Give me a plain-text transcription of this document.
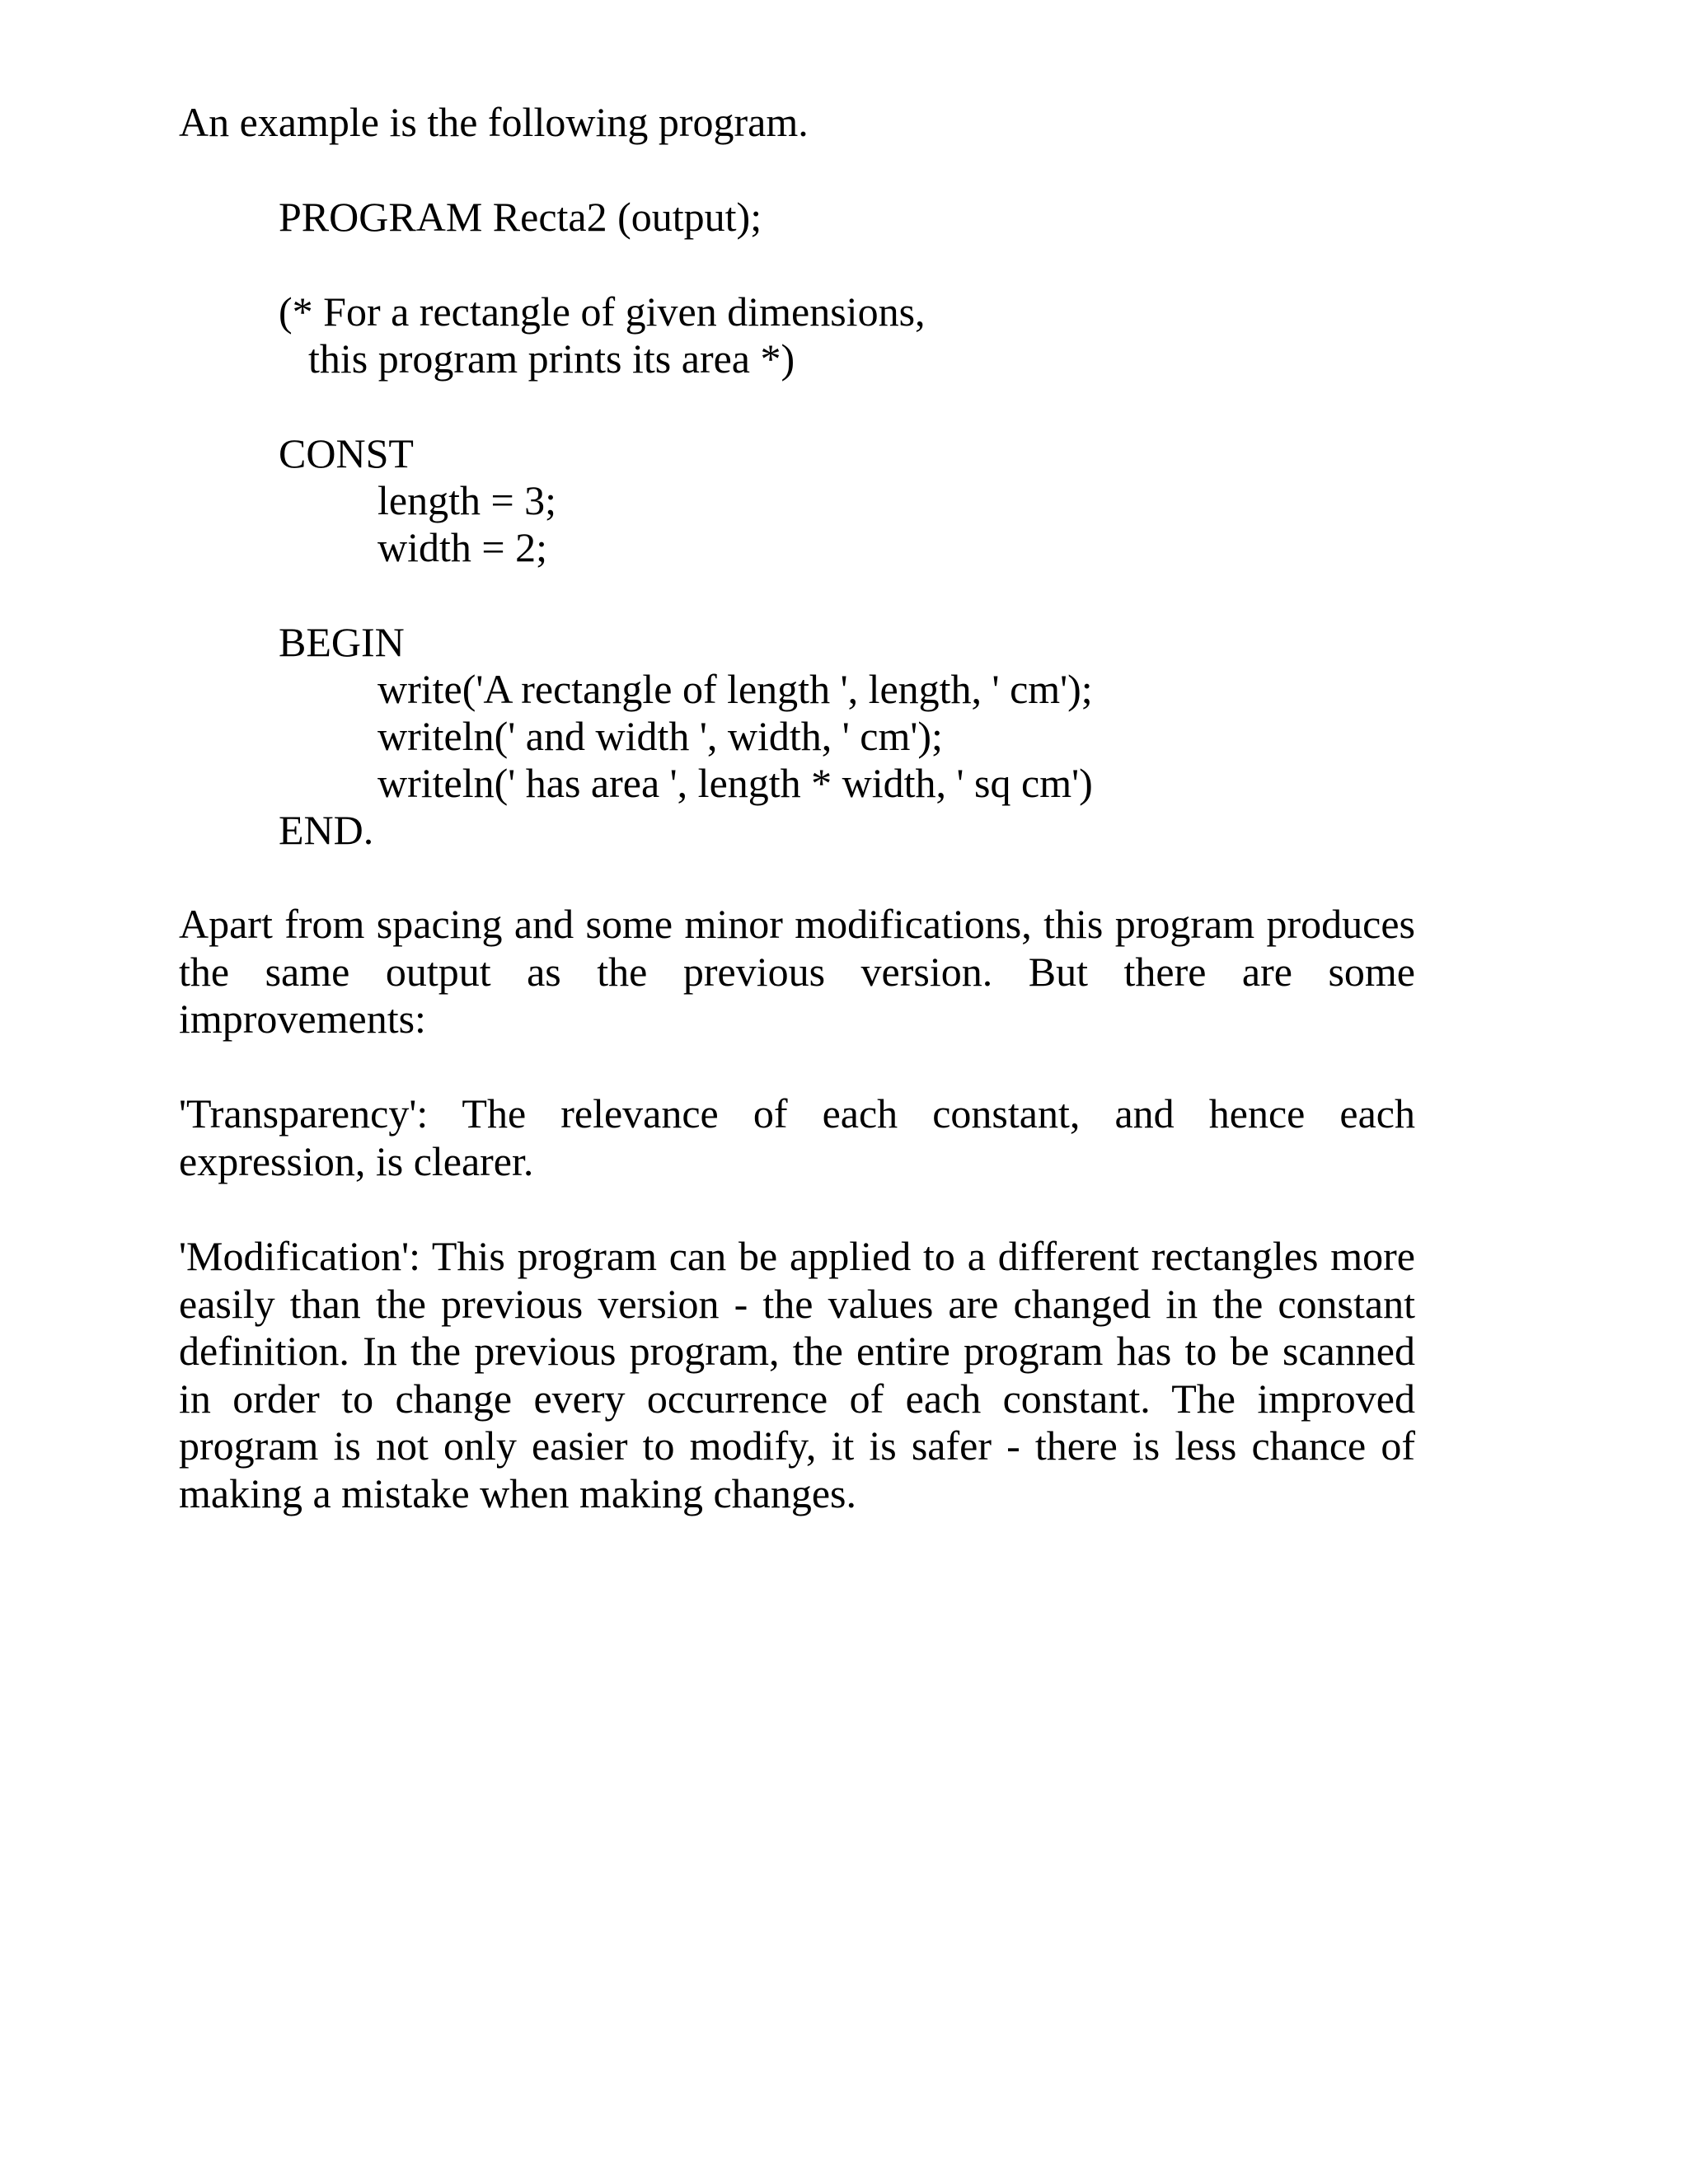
An example is the following program.
PROGRAM Recta2 (output);
(* For a rectangle of given dimensions,
this program prints its area *)
CONST
length = 3;
width = 2;
BEGIN
write('A rectangle of length ', length, ' cm');
writeln(' and width ', width, ' cm');
writeln(' has area ', length * width, ' sq cm')
END.
Apart from spacing and some minor modifications, this program produces the same output as the previous version. But there are some improvements:
'Transparency': The relevance of each constant, and hence each expression, is clearer.
'Modification': This program can be applied to a different rectangles more easily than the previous version - the values are changed in the constant definition. In the previous program, the entire program has to be scanned in order to change every occurrence of each constant. The improved program is not only easier to modify, it is safer - there is less chance of making a mistake when making changes.
